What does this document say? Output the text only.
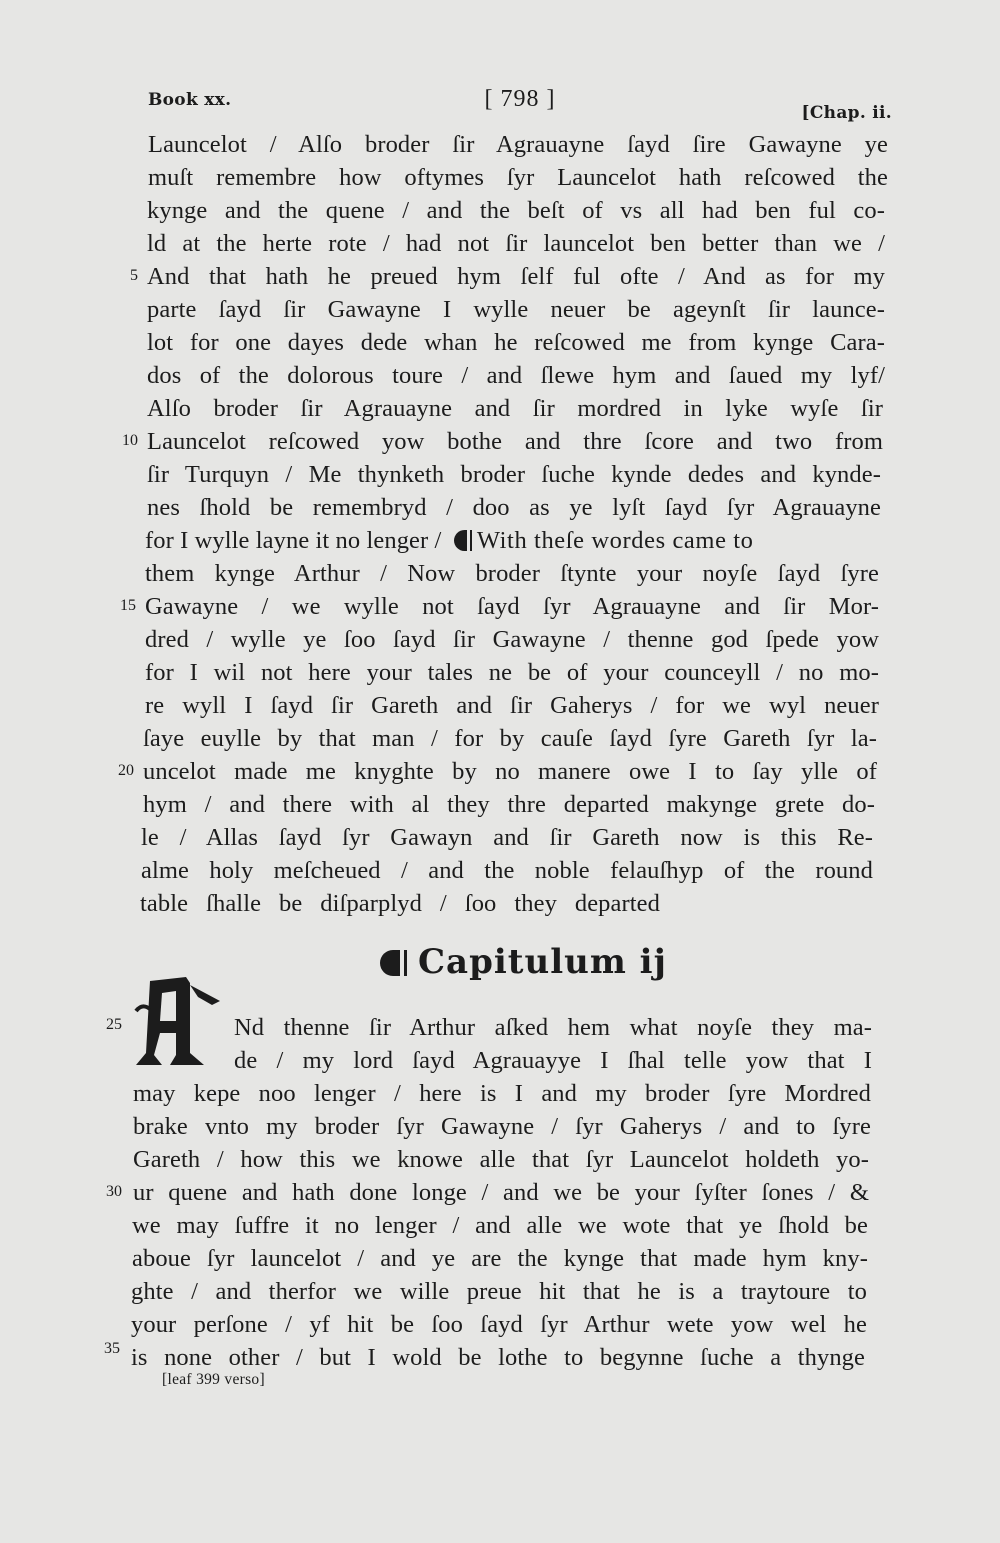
Book xx.	[ 798 ]
[Chap. ii.
Launcelot / Alſo broder ſir Agrauayne ſayd ſire Gawayne ye
muſt remembre how oftymes ſyr Launcelot hath reſcowed the
kynge and the quene / and the beſt of vs all had ben ful co-
ld at the herte rote / had not ſir launcelot ben better than we /
5 And that hath he preued hym ſelf ful ofte / And as for my
parte ſayd ſir Gawayne I wylle neuer be ageynſt ſir launce-
lot for one dayes dede whan he reſcowed me from kynge Cara-
dos of the dolorous toure / and ſlewe hym and ſaued my lyf/
Alſo broder ſir Agrauayne and ſir mordred in lyke wyſe ſir
10 Launcelot reſcowed yow bothe and thre ſcore and two from
ſir Turquyn / Me thynketh broder ſuche kynde dedes and kynde-
nes ſhold be remembryd / doo as ye lyſt ſayd ſyr Agrauayne
for I wylle layne it no lenger / With theſe wordes came to
them kynge Arthur / Now broder ſtynte your noyſe ſayd ſyre
15 Gawayne / we wylle not ſayd ſyr Agrauayne and ſir Mor-
dred / wylle ye ſoo ſayd ſir Gawayne / thenne god ſpede yow
for I wil not here your tales ne be of your counceyll / no mo-
re wyll I ſayd ſir Gareth and ſir Gaherys / for we wyl neuer
ſaye euylle by that man / for by cauſe ſayd ſyre Gareth ſyr la-
20 uncelot made me knyghte by no manere owe I to ſay ylle of
hym / and there with al they thre departed makynge grete do-
le / Allas ſayd ſyr Gawayn and ſir Gareth now is this Re-
alme holy meſcheued / and the noble felauſhyp of the round
table ſhalle be diſparplyd / ſoo they departed
Capitulum ij
25	Nd thenne ſir Arthur aſked hem what noyſe they ma-
de / my lord ſayd Agrauayye I ſhal telle yow that I
may kepe noo lenger / here is I and my broder ſyre Mordred
brake vnto my broder ſyr Gawayne / ſyr Gaherys / and to ſyre
Gareth / how this we knowe alle that ſyr Launcelot holdeth yo-
30 ur quene and hath done longe / and we be your ſyſter ſones / &
we may ſuffre it no lenger / and alle we wote that ye ſhold be
aboue ſyr launcelot / and ye are the kynge that made hym kny-
ghte / and therfor we wille preue hit that he is a traytoure to
your perſone / yf hit be ſoo ſayd ſyr Arthur wete yow wel he
35 is none other / but I wold be lothe to begynne ſuche a thynge
[leaf 399 verso]
